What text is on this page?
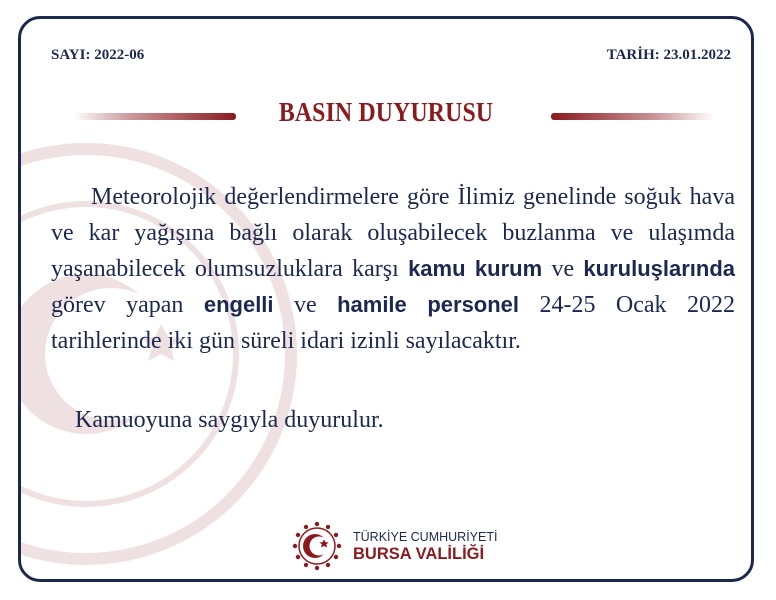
SAYI: 2022-06	TARİH: 23.01.2022
BASIN DUYURUSU

Meteorolojik değerlendirmelere göre İlimiz genelinde soğuk hava ve kar yağışına bağlı olarak oluşabilecek buzlanma ve ulaşımda yaşanabilecek olumsuzluklara karşı kamu kurum ve kuruluşlarında görev yapan engelli ve hamile personel 24-25 Ocak 2022 tarihlerinde iki gün süreli idari izinli sayılacaktır.

Kamuoyuna saygıyla duyurulur.

TÜRKİYE CUMHURİYETİ
BURSA VALİLİĞİ
